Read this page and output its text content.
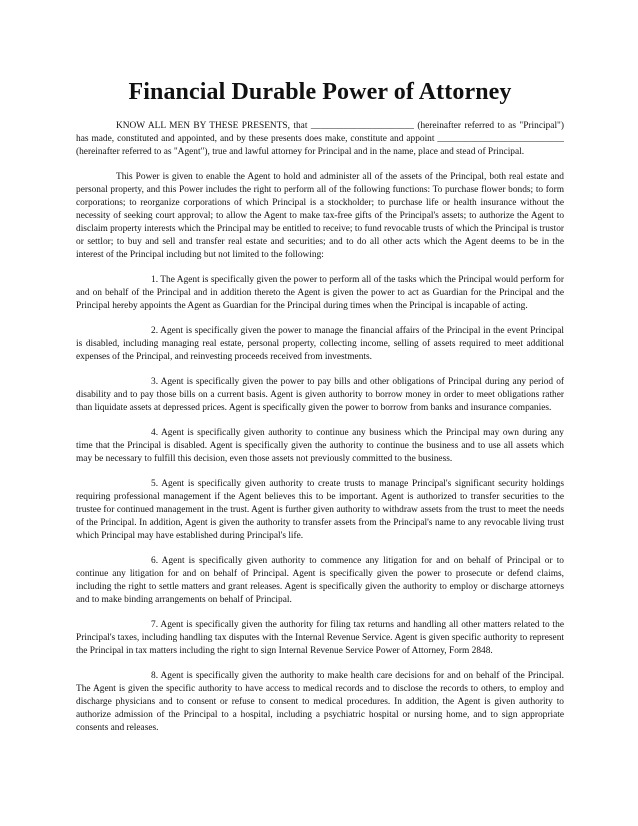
Financial Durable Power of Attorney

KNOW ALL MEN BY THESE PRESENTS, that ______________________ (hereinafter referred to as "Principal") has made, constituted and appointed, and by these presents does make, constitute and appoint ___________________________ (hereinafter referred to as "Agent"), true and lawful attorney for Principal and in the name, place and stead of Principal.

This Power is given to enable the Agent to hold and administer all of the assets of the Principal, both real estate and personal property, and this Power includes the right to perform all of the following functions: To purchase flower bonds; to form corporations; to reorganize corporations of which Principal is a stockholder; to purchase life or health insurance without the necessity of seeking court approval; to allow the Agent to make tax-free gifts of the Principal's assets; to authorize the Agent to disclaim property interests which the Principal may be entitled to receive; to fund revocable trusts of which the Principal is trustor or settlor; to buy and sell and transfer real estate and securities; and to do all other acts which the Agent deems to be in the interest of the Principal including but not limited to the following:

1. The Agent is specifically given the power to perform all of the tasks which the Principal would perform for and on behalf of the Principal and in addition thereto the Agent is given the power to act as Guardian for the Principal and the Principal hereby appoints the Agent as Guardian for the Principal during times when the Principal is incapable of acting.

2. Agent is specifically given the power to manage the financial affairs of the Principal in the event Principal is disabled, including managing real estate, personal property, collecting income, selling of assets required to meet additional expenses of the Principal, and reinvesting proceeds received from investments.

3. Agent is specifically given the power to pay bills and other obligations of Principal during any period of disability and to pay those bills on a current basis. Agent is given authority to borrow money in order to meet obligations rather than liquidate assets at depressed prices. Agent is specifically given the power to borrow from banks and insurance companies.

4. Agent is specifically given authority to continue any business which the Principal may own during any time that the Principal is disabled. Agent is specifically given the authority to continue the business and to use all assets which may be necessary to fulfill this decision, even those assets not previously committed to the business.

5. Agent is specifically given authority to create trusts to manage Principal's significant security holdings requiring professional management if the Agent believes this to be important. Agent is authorized to transfer securities to the trustee for continued management in the trust. Agent is further given authority to withdraw assets from the trust to meet the needs of the Principal. In addition, Agent is given the authority to transfer assets from the Principal's name to any revocable living trust which Principal may have established during Principal's life.

6. Agent is specifically given authority to commence any litigation for and on behalf of Principal or to continue any litigation for and on behalf of Principal. Agent is specifically given the power to prosecute or defend claims, including the right to settle matters and grant releases. Agent is specifically given the authority to employ or discharge attorneys and to make binding arrangements on behalf of Principal.

7. Agent is specifically given the authority for filing tax returns and handling all other matters related to the Principal's taxes, including handling tax disputes with the Internal Revenue Service. Agent is given specific authority to represent the Principal in tax matters including the right to sign Internal Revenue Service Power of Attorney, Form 2848.

8. Agent is specifically given the authority to make health care decisions for and on behalf of the Principal. The Agent is given the specific authority to have access to medical records and to disclose the records to others, to employ and discharge physicians and to consent or refuse to consent to medical procedures. In addition, the Agent is given authority to authorize admission of the Principal to a hospital, including a psychiatric hospital or nursing home, and to sign appropriate consents and releases.
